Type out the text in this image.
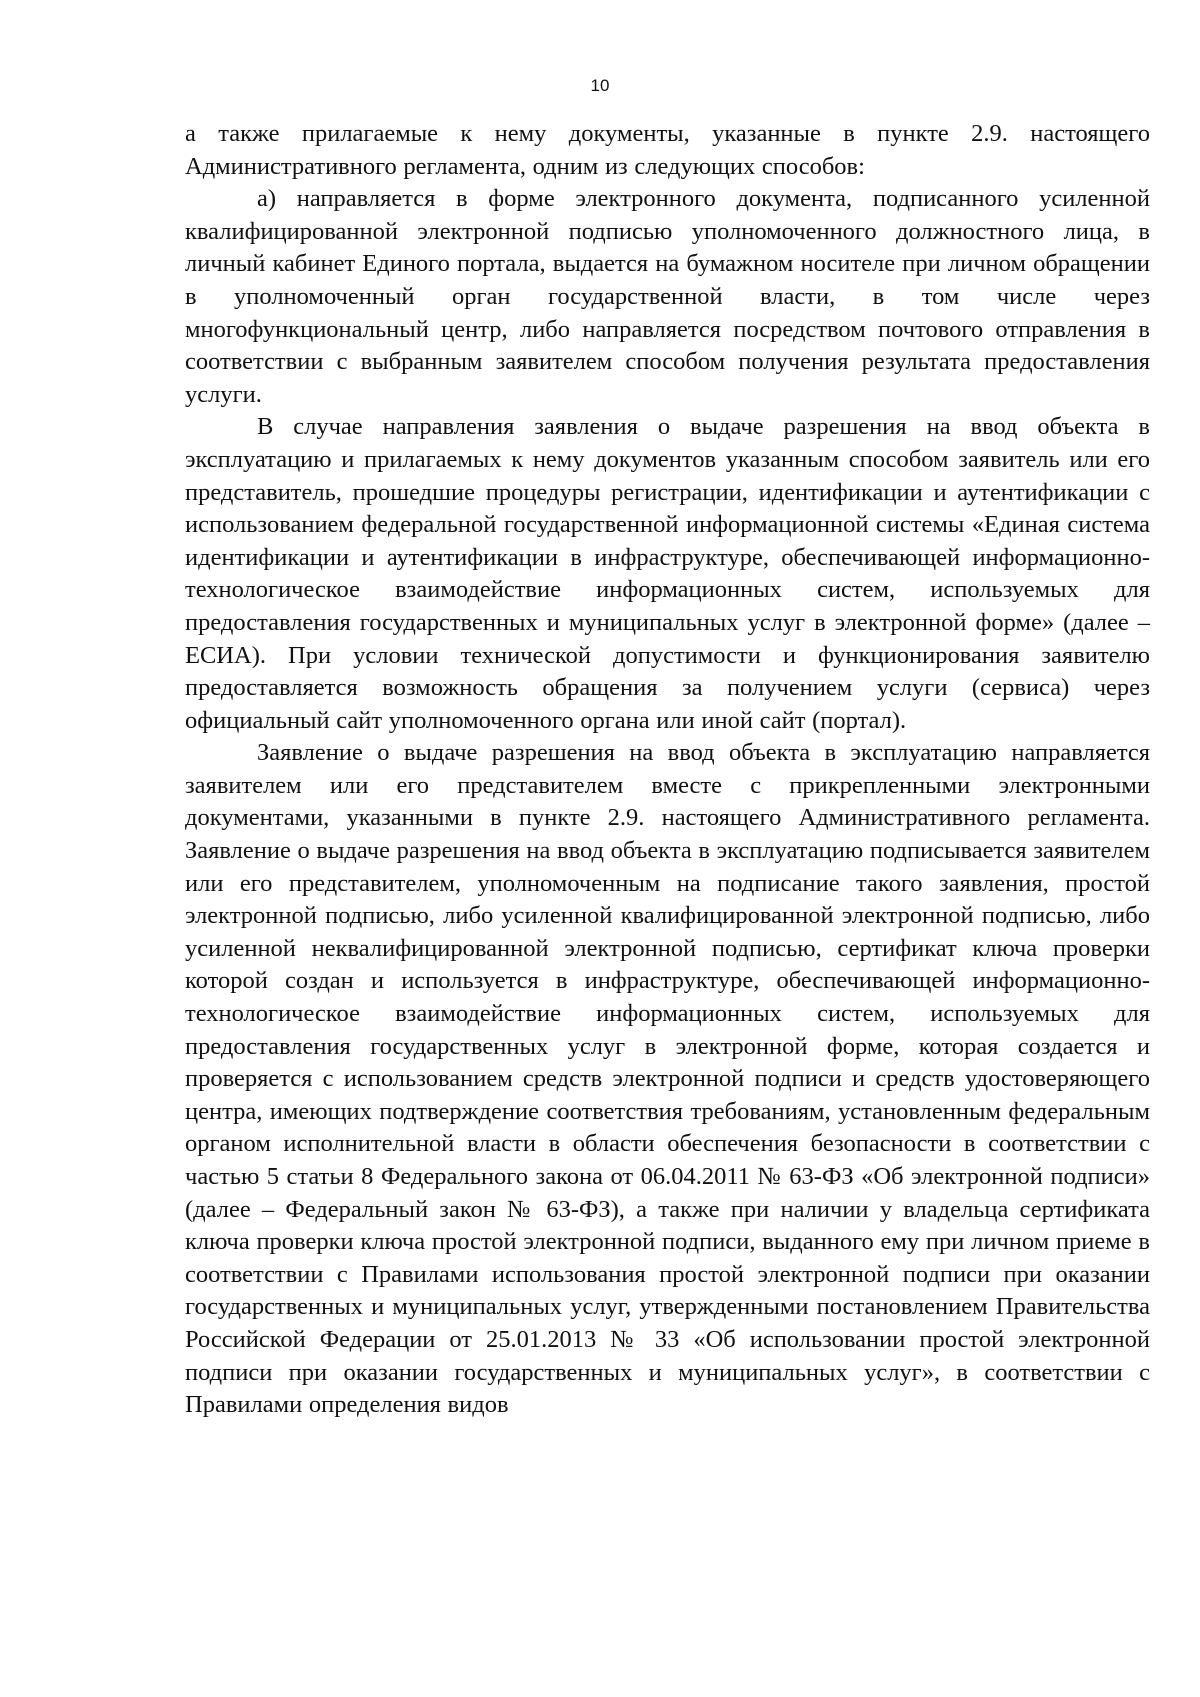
10

а также прилагаемые к нему документы, указанные в пункте 2.9. настоящего Административного регламента, одним из следующих способов:

а) направляется в форме электронного документа, подписанного усиленной квалифицированной электронной подписью уполномоченного должностного лица, в личный кабинет Единого портала, выдается на бумажном носителе при личном обращении в уполномоченный орган государственной власти, в том числе через многофункциональный центр, либо направляется посредством почтового отправления в соответствии с выбранным заявителем способом получения результата предоставления услуги.

В случае направления заявления о выдаче разрешения на ввод объекта в эксплуатацию и прилагаемых к нему документов указанным способом заявитель или его представитель, прошедшие процедуры регистрации, идентификации и аутентификации с использованием федеральной государственной информационной системы «Единая система идентификации и аутентификации в инфраструктуре, обеспечивающей информационно-технологическое взаимодействие информационных систем, используемых для предоставления государственных и муниципальных услуг в электронной форме» (далее – ЕСИА). При условии технической допустимости и функционирования заявителю предоставляется возможность обращения за получением услуги (сервиса) через официальный сайт уполномоченного органа или иной сайт (портал).

Заявление о выдаче разрешения на ввод объекта в эксплуатацию направляется заявителем или его представителем вместе с прикрепленными электронными документами, указанными в пункте 2.9. настоящего Административного регламента. Заявление о выдаче разрешения на ввод объекта в эксплуатацию подписывается заявителем или его представителем, уполномоченным на подписание такого заявления, простой электронной подписью, либо усиленной квалифицированной электронной подписью, либо усиленной неквалифицированной электронной подписью, сертификат ключа проверки которой создан и используется в инфраструктуре, обеспечивающей информационно-технологическое взаимодействие информационных систем, используемых для предоставления государственных услуг в электронной форме, которая создается и проверяется с использованием средств электронной подписи и средств удостоверяющего центра, имеющих подтверждение соответствия требованиям, установленным федеральным органом исполнительной власти в области обеспечения безопасности в соответствии с частью 5 статьи 8 Федерального закона от 06.04.2011 № 63-ФЗ «Об электронной подписи» (далее – Федеральный закон № 63-ФЗ), а также при наличии у владельца сертификата ключа проверки ключа простой электронной подписи, выданного ему при личном приеме в соответствии с Правилами использования простой электронной подписи при оказании государственных и муниципальных услуг, утвержденными постановлением Правительства Российской Федерации от 25.01.2013 № 33 «Об использовании простой электронной подписи при оказании государственных и муниципальных услуг», в соответствии с Правилами определения видов
